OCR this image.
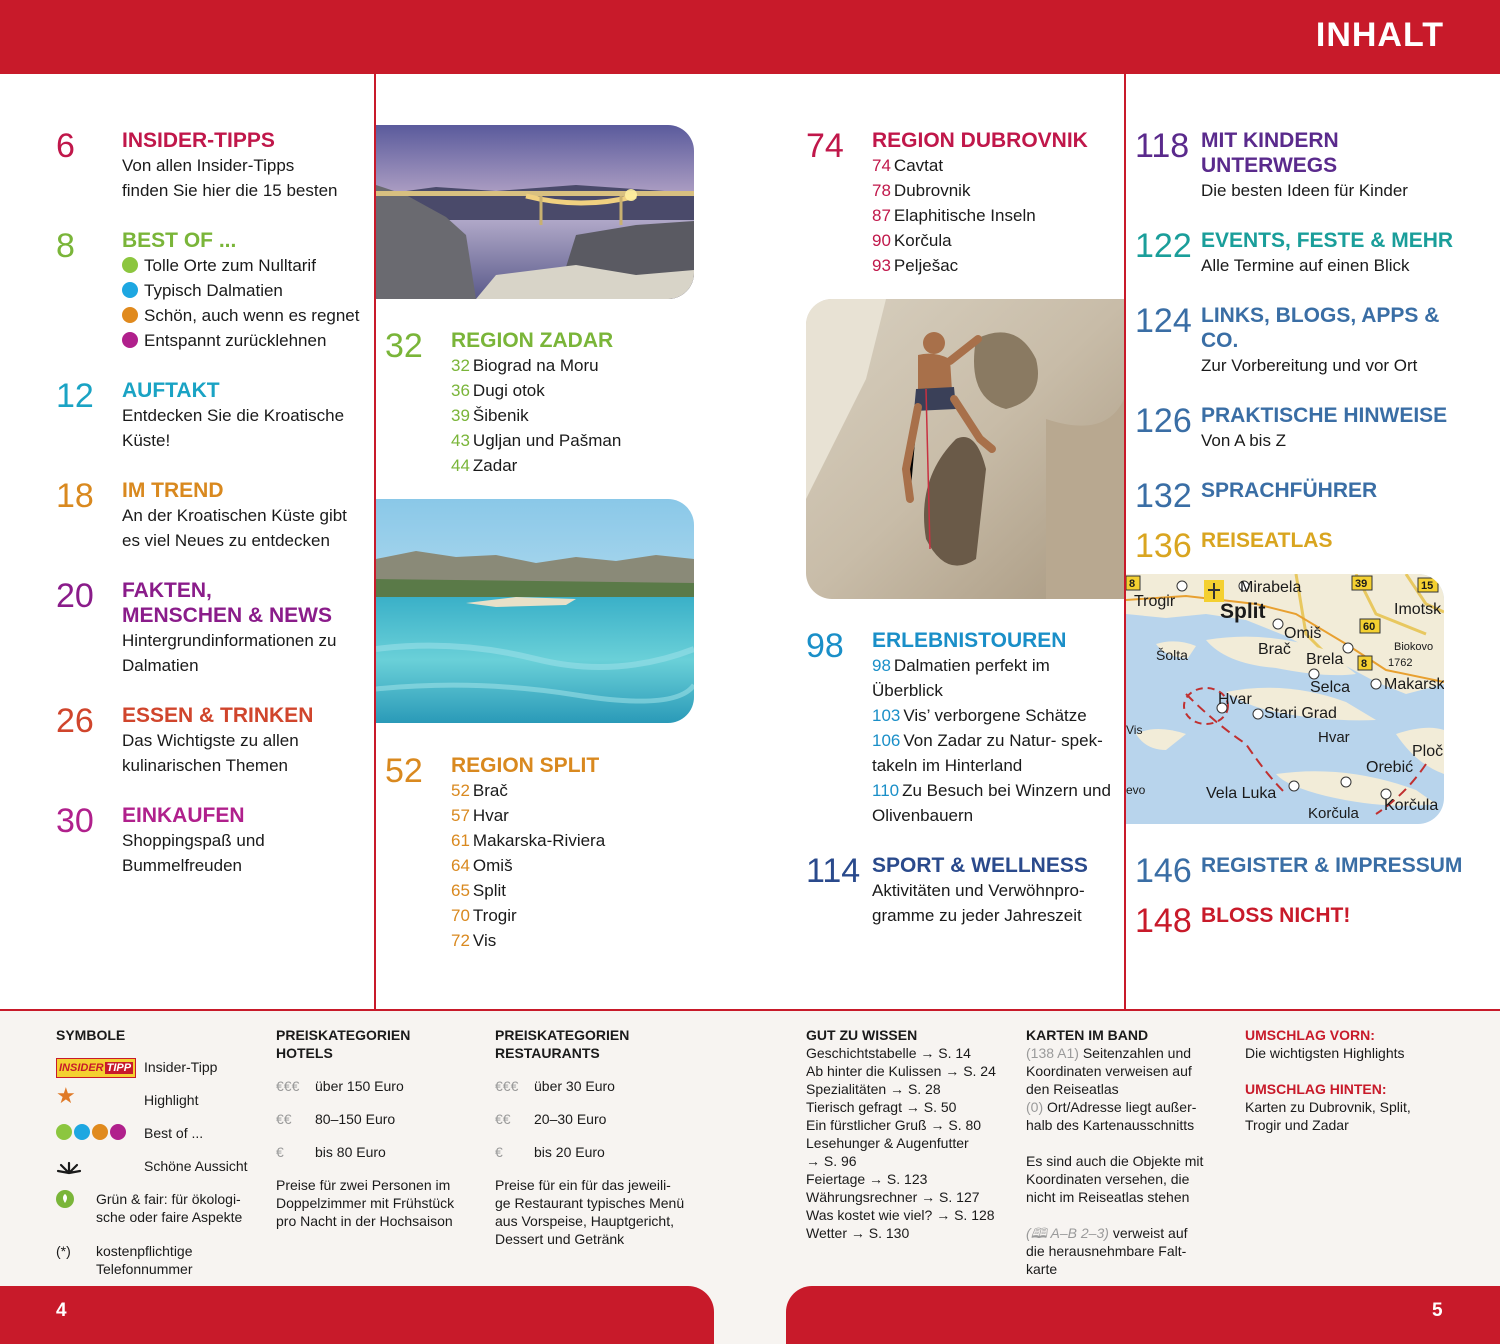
INHALT
6 INSIDER-TIPPS
Von allen Insider-Tipps
finden Sie hier die 15 besten
8 BEST OF ...
Tolle Orte zum Nulltarif
Typisch Dalmatien
Schön, auch wenn es regnet
Entspannt zurücklehnen
12 AUFTAKT
Entdecken Sie die Kroatische
Küste!
18 IM TREND
An der Kroatischen Küste gibt
es viel Neues zu entdecken
20 FAKTEN,
MENSCHEN & NEWS
Hintergrundinformationen zu
Dalmatien
26 ESSEN & TRINKEN
Das Wichtigste zu allen
kulinarischen Themen
30 EINKAUFEN
Shoppingspaß und
Bummelfreuden
32 REGION ZADAR
32 Biograd na Moru
36 Dugi otok
39 Šibenik
43 Ugljan und Pašman
44 Zadar
52 REGION SPLIT
52 Brač
57 Hvar
61 Makarska-Riviera
64 Omiš
65 Split
70 Trogir
72 Vis
74 REGION DUBROVNIK
74 Cavtat
78 Dubrovnik
87 Elaphitische Inseln
90 Korčula
93 Pelješac
98 ERLEBNISTOUREN
98 Dalmatien perfekt im
Überblick
103 Vis’ verborgene Schätze
106 Von Zadar zu Natur- spek-
takeln im Hinterland
110 Zu Besuch bei Winzern und
Olivenbauern
114 SPORT & WELLNESS
Aktivitäten und Verwöhnpro-
gramme zu jeder Jahreszeit
118 MIT KINDERN
UNTERWEGS
Die besten Ideen für Kinder
122 EVENTS, FESTE & MEHR
Alle Termine auf einen Blick
124 LINKS, BLOGS, APPS &
CO.
Zur Vorbereitung und vor Ort
126 PRAKTISCHE HINWEISE
Von A bis Z
132 SPRACHFÜHRER
136 REISEATLAS
Trogir
Mirabela
Split
Omiš
Imotsk
Šolta	Brač
Brela
Biokovo
1762
Selca Makarsk
Hvar
Stari Grad
Hvar
Vis
Ploč
Orebić
evo	Vela Luka
Korčula Korčula
8	39	15
60
8
146 REGISTER & IMPRESSUM
148 BLOSS NICHT!
SYMBOLE
INSIDER TIPP Insider-Tipp
★	Highlight
Best of ...
Schöne Aussicht
Grün & fair: für ökologi-
sche oder faire Aspekte
(*) kostenpflichtige
Telefonnummer
PREISKATEGORIEN
HOTELS
€€€ über 150 Euro
€€ 80–150 Euro
€ bis 80 Euro
Preise für zwei Personen im
Doppelzimmer mit Frühstück
pro Nacht in der Hochsaison
PREISKATEGORIEN
RESTAURANTS
€€€ über 30 Euro
€€ 20–30 Euro
€ bis 20 Euro
Preise für ein für das jeweili-
ge Restaurant typisches Menü
aus Vorspeise, Hauptgericht,
Dessert und Getränk
GUT ZU WISSEN
Geschichtstabelle → S. 14
Ab hinter die Kulissen → S. 24
Spezialitäten → S. 28
Tierisch gefragt → S. 50
Ein fürstlicher Gruß → S. 80
Lesehunger & Augenfutter
→ S. 96
Feiertage → S. 123
Währungsrechner → S. 127
Was kostet wie viel? → S. 128
Wetter → S. 130
KARTEN IM BAND
(138 A1) Seitenzahlen und
Koordinaten verweisen auf
den Reiseatlas
(0) Ort/Adresse liegt außer-
halb des Kartenausschnitts
Es sind auch die Objekte mit
Koordinaten versehen, die
nicht im Reiseatlas stehen
(🕮 A–B 2–3) verweist auf
die herausnehmbare Falt-
karte
UMSCHLAG VORN:
Die wichtigsten Highlights
UMSCHLAG HINTEN:
Karten zu Dubrovnik, Split,
Trogir und Zadar
4	5
